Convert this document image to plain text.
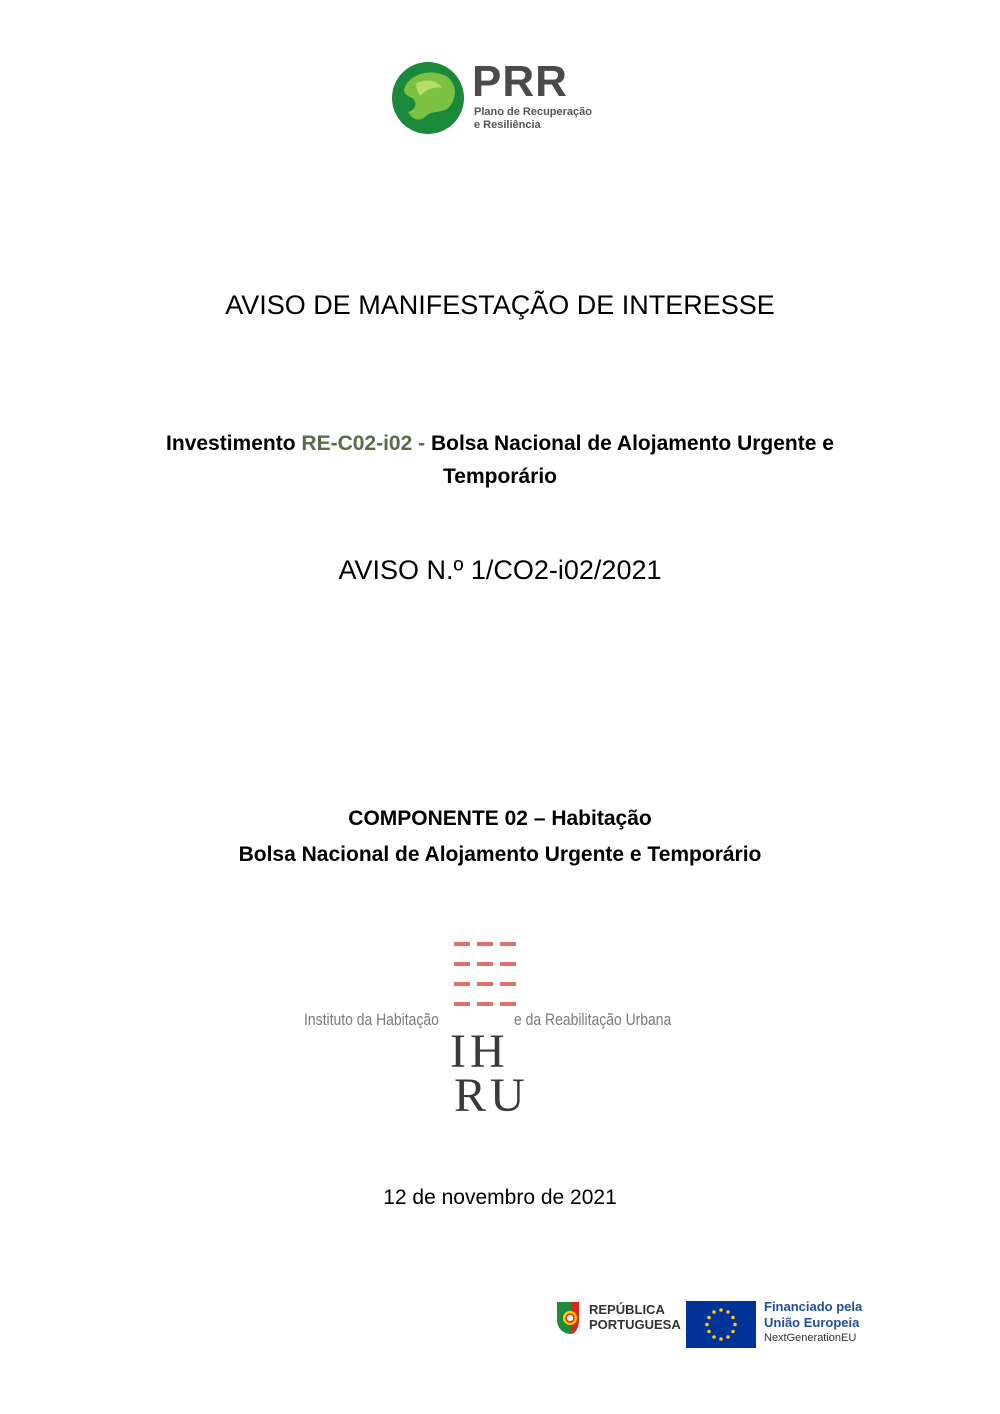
PRR
Plano de Recuperação
e Resiliência
AVISO DE MANIFESTAÇÃO DE INTERESSE
Investimento RE-C02-i02 - Bolsa Nacional de Alojamento Urgente e
Temporário
AVISO N.º 1/CO2-i02/2021
COMPONENTE 02 – Habitação
Bolsa Nacional de Alojamento Urgente e Temporário
Instituto da Habitação	e da Reabilitação Urbana
IH
RU
12 de novembro de 2021
REPÚBLICA
PORTUGUESA
Financiado pela
União Europeia
NextGenerationEU
